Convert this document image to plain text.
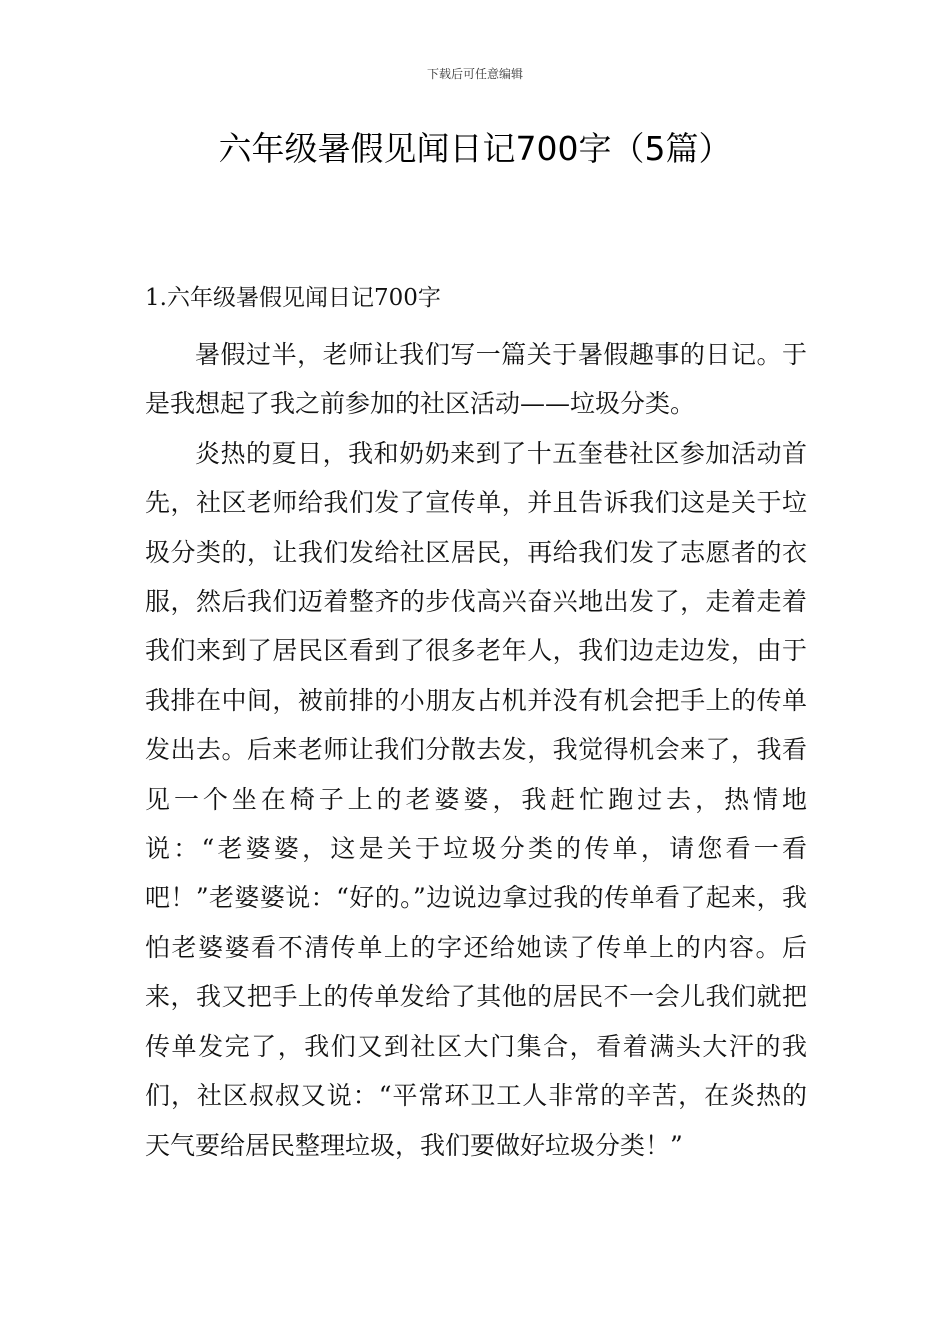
下载后可任意编辑
六年级暑假见闻日记700字（5篇）
1.六年级暑假见闻日记700字

暑假过半，老师让我们写一篇关于暑假趣事的日记。于是我想起了我之前参加的社区活动——垃圾分类。

炎热的夏日，我和奶奶来到了十五奎巷社区参加活动首先，社区老师给我们发了宣传单，并且告诉我们这是关于垃圾分类的，让我们发给社区居民，再给我们发了志愿者的衣服，然后我们迈着整齐的步伐高兴奋兴地出发了，走着走着我们来到了居民区看到了很多老年人，我们边走边发，由于我排在中间，被前排的小朋友占机并没有机会把手上的传单发出去。后来老师让我们分散去发，我觉得机会来了，我看见一个坐在椅子上的老婆婆，我赶忙跑过去，热情地说：“老婆婆，这是关于垃圾分类的传单，请您看一看吧！”老婆婆说：“好的。”边说边拿过我的传单看了起来，我怕老婆婆看不清传单上的字还给她读了传单上的内容。后来，我又把手上的传单发给了其他的居民不一会儿我们就把传单发完了，我们又到社区大门集合，看着满头大汗的我们，社区叔叔又说：“平常环卫工人非常的辛苦，在炎热的天气要给居民整理垃圾，我们要做好垃圾分类！”
